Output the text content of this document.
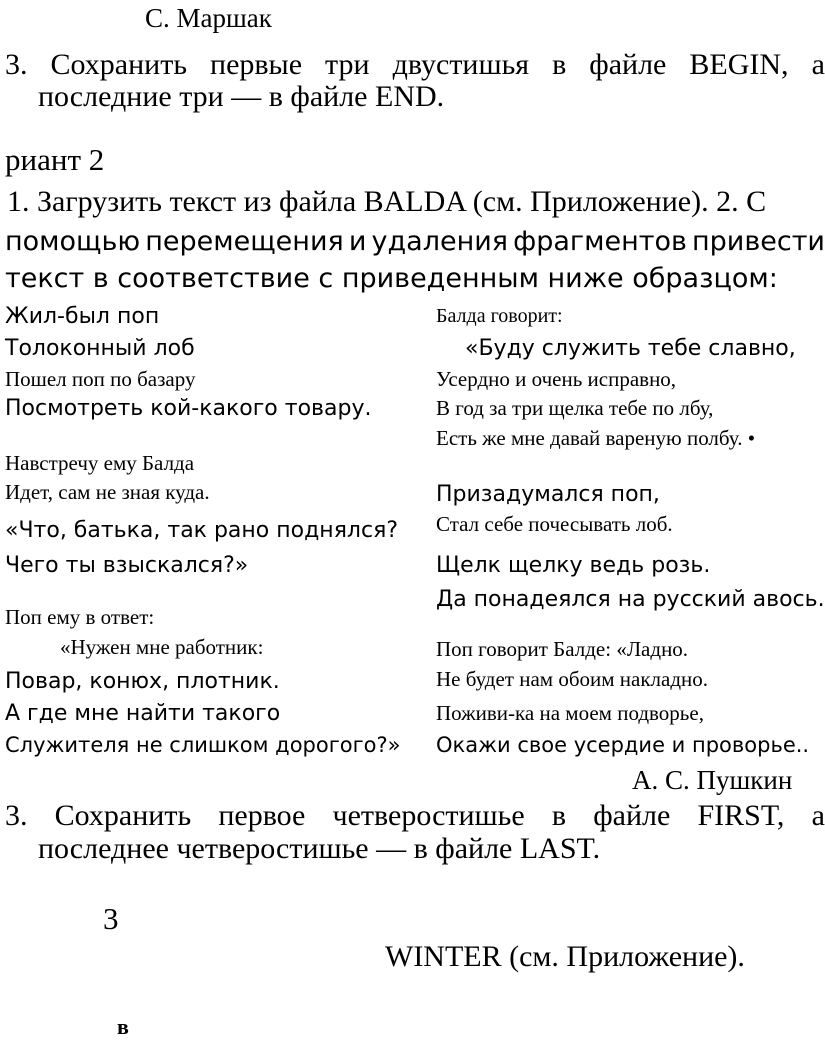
С. Маршак
3. Сохранить первые три двустишья в файле BEGIN, а
последние три — в файле END.
риант 2
1. Загрузить текст из файла BALDA (см. Приложение). 2. С
помощью перемещения и удаления фрагментов привести
текст в соответствие с приведенным ниже образцом:
Жил-был поп
Толоконный лоб
Пошел поп по базару
Посмотреть кой-какого товару.
Навстречу ему Балда
Идет, сам не зная куда.
«Что, батька, так рано поднялся?
Чего ты взыскался?»
Поп ему в ответ:
«Нужен мне работник:
Повар, конюх, плотник.
А где мне найти такого
Служителя не слишком дорогого?»
Балда говорит:
«Буду служить тебе славно,
Усердно и очень исправно,
В год за три щелка тебе по лбу,
Есть же мне давай вареную полбу. •
Призадумался поп,
Стал себе почесывать лоб.
Щелк щелку ведь розь.
Да понадеялся на русский авось.
Поп говорит Балде: «Ладно.
Не будет нам обоим накладно.
Поживи-ка на моем подворье,
Окажи свое усердие и проворье..
А. С. Пушкин
3. Сохранить первое четверостишье в файле FIRST, а
последнее четверостишье — в файле LAST.
3
WINTER (см. Приложение).
в
